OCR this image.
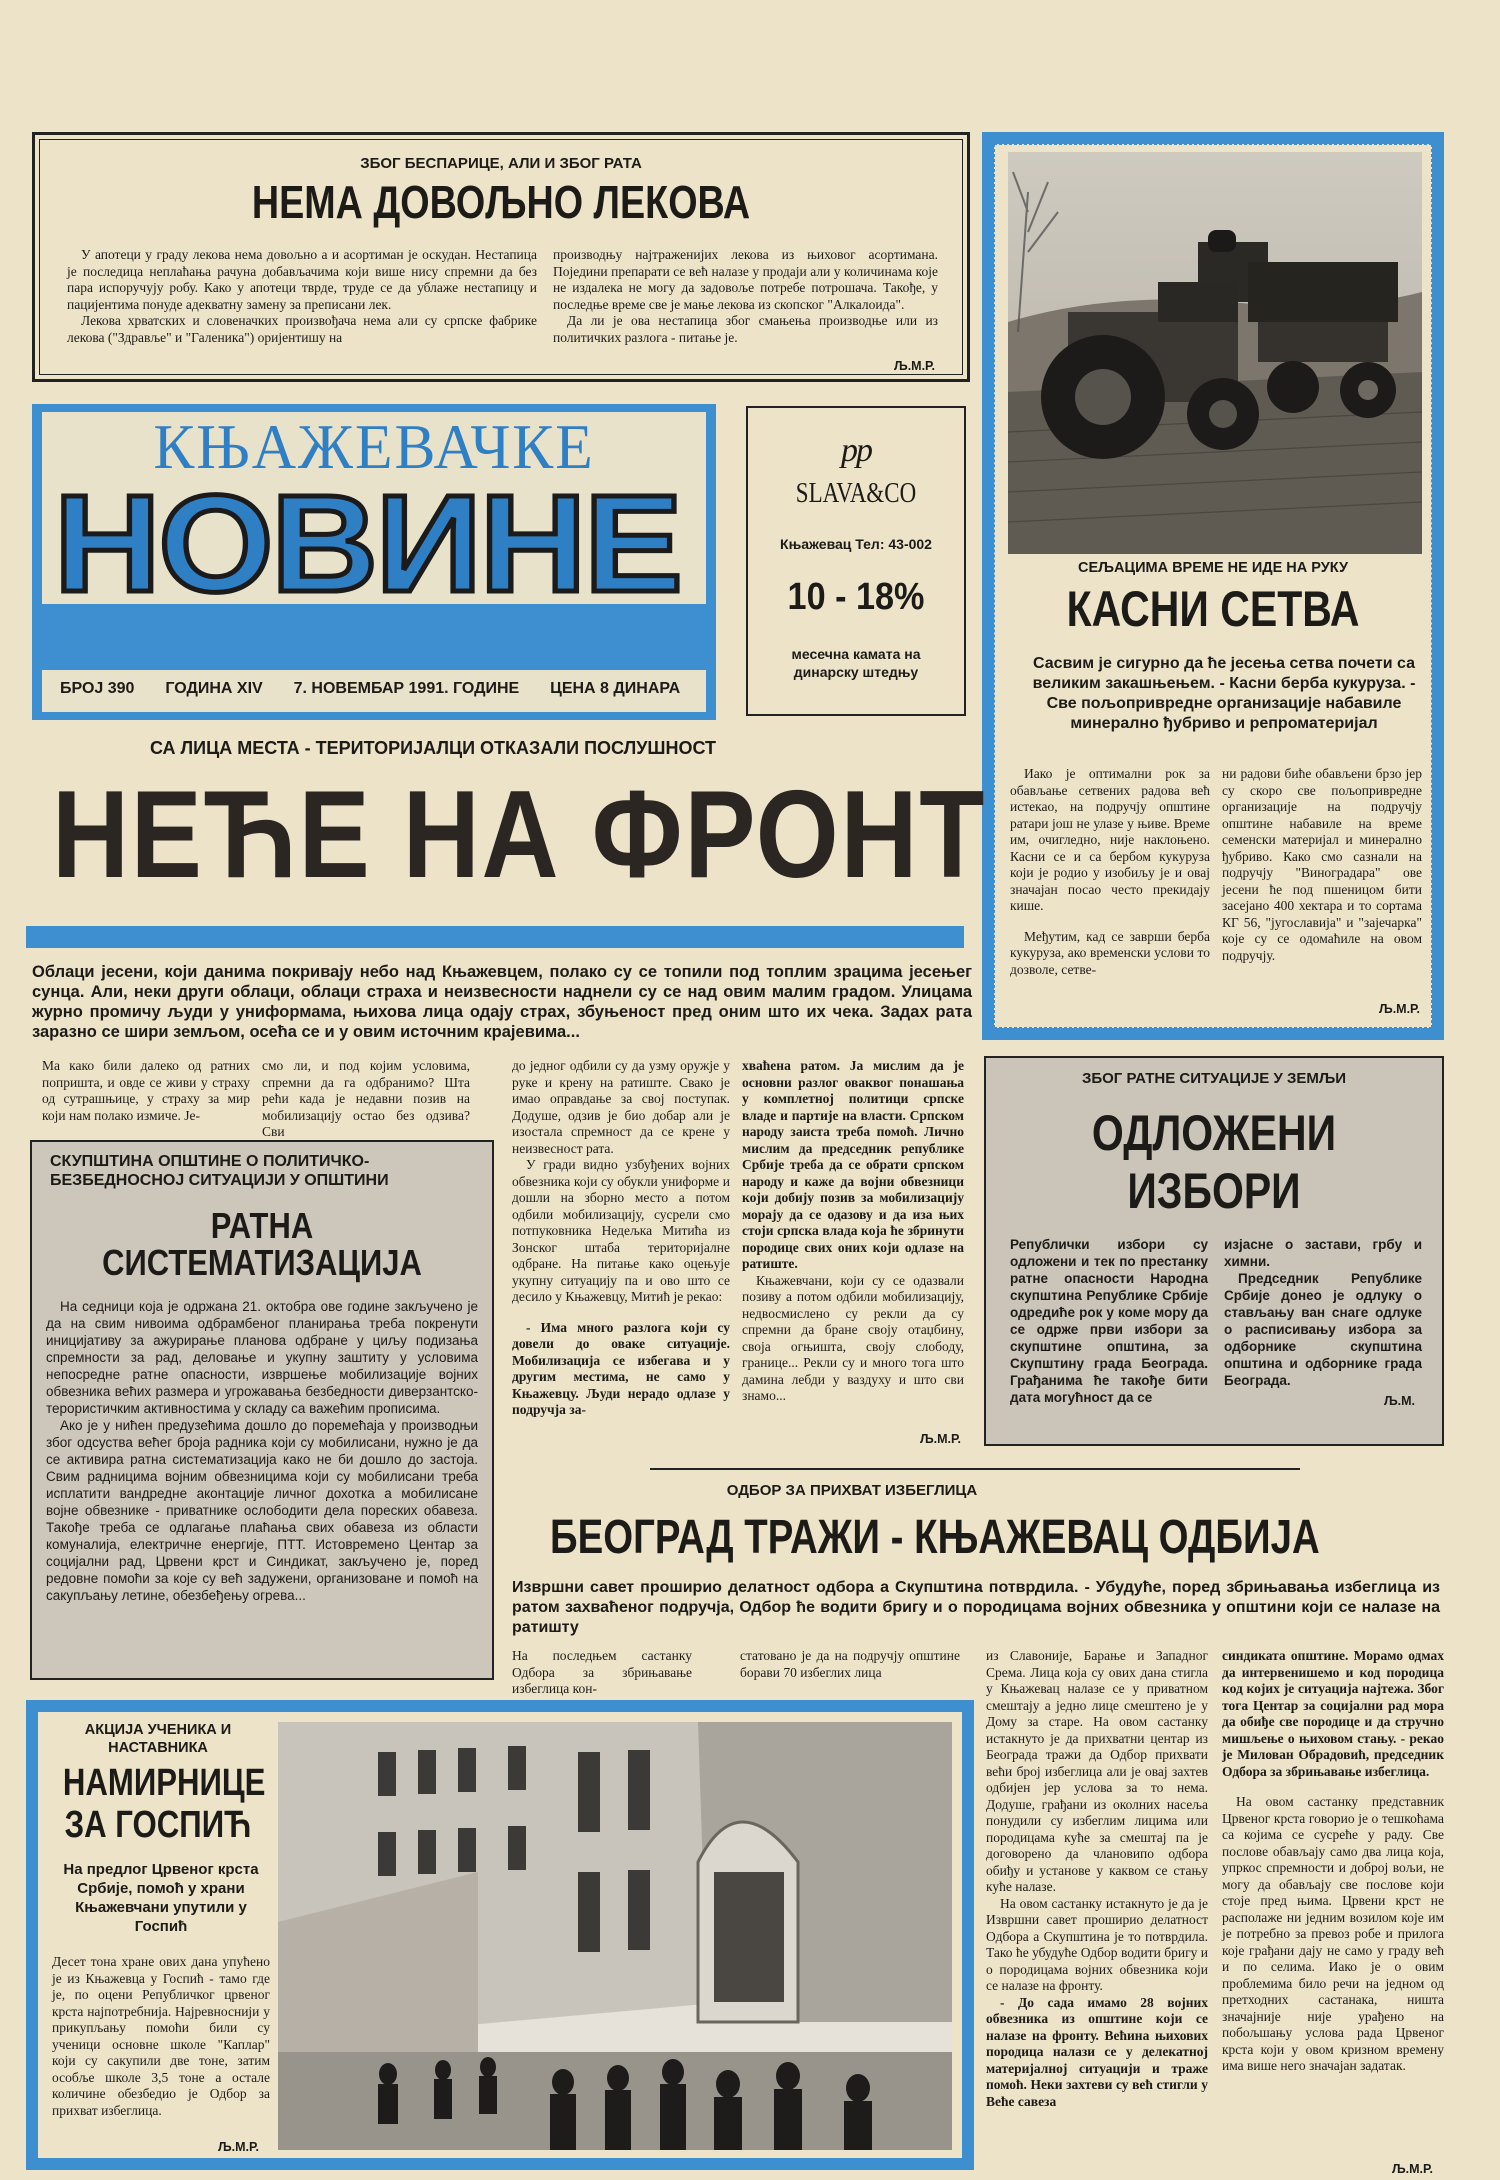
ЗБОГ БЕСПАРИЦЕ, АЛИ И ЗБОГ РАТА
НЕМА ДОВОЉНО ЛЕКОВА

У апотеци у граду лекова нема довољно а и асортиман је оскудан. Нестапица је последица неплаћања рачуна добављачима који више нису спремни да без пара испоручују робу. Како у апотеци тврде, труде се да ублаже нестапицу и пацијентима понуде адекватну замену за преписани лек.

Лекова хрватских и словеначких произвођача нема али су српске фабрике лекова ("Здравље" и "Галеника") оријентишу на

производњу најтраженијих лекова из њиховог асортимана. Поједини препарати се већ налазе у продаји али у количинама које не издалека не могу да задовоље потребе потрошача. Такође, у последње време све је мање лекова из скопског "Алкалоида".

Да ли је ова нестапица због смањења производње или из политичких разлога - питање је.

Љ.М.Р.
КЊАЖЕВАЧКЕ
НОВИНЕ
БРОЈ 390 ГОДИНА XIV 7. НОВЕМБАР 1991. ГОДИНЕ ЦЕНА 8 ДИНАРА
pp
SLAVA&CO
Књажевац Тел: 43-002
10 - 18%
месечна камата на
динарску штедњу
СЕЉАЦИМА ВРЕМЕ НЕ ИДЕ НА РУКУ
КАСНИ СЕТВА
Сасвим је сигурно да ће јесења сетва почети са великим закашњењем. - Касни берба кукуруза. - Све пољопривредне организације набавиле минерално ђубриво и репроматеријал

Иако је оптимални рок за обављање сетвених радова већ истекао, на подручју општине ратари још не улазе у њиве. Време им, очигледно, није наклоњено. Касни се и са бербом кукуруза који је родио у изобиљу је и овај значајан посао често прекидају кише.

Међутим, кад се заврши берба кукуруза, ако временски услови то дозволе, сетве-

ни радови биће обављени брзо јер су скоро све пољопривредне организације на подручју општине набавиле на време семенски материјал и минерално ђубриво. Како смо сазнали на подручју "Виноградара" ове јесени ће под пшеницом бити засејано 400 хектара и то сортама КГ 56, "југославија" и "зајечарка" које су се одомаћиле на овом подручју.

Љ.М.Р.
СА ЛИЦА МЕСТА - ТЕРИТОРИЈАЛЦИ ОТКАЗАЛИ ПОСЛУШНОСТ
НЕЋЕ НА ФРОНТ
Облаци јесени, који данима покривају небо над Књажевцем, полако су се топили под топлим зрацима јесењег сунца. Али, неки други облаци, облаци страха и неизвесности наднели су се над овим малим градом. Улицама журно промичу људи у униформама, њихова лица одају страх, збуњеност пред оним што их чека. Задах рата заразно се шири земљом, осећа се и у овим источним крајевима...
Ма како били далеко од ратних попришта, и овде се живи у страху од сутрашњице, у страху за мир који нам полако измиче. Је-
смо ли, и под којим условима, спремни да га одбранимо? Шта рећи када је недавни позив на мобилизацију остао без одзива? Сви

до једног одбили су да узму оружје у руке и крену на ратиште. Свако је имао оправдање за свој поступак. Додуше, одзив је био добар али је изостала спремност да се крене у неизвесност рата.

У гради видно узбуђених војних обвезника који су обукли униформе и дошли на зборно место а потом одбили мобилизацију, сусрели смо потпуковника Недељка Митића из Зонског штаба територијалне одбране. На питање како оцењује укупну ситуацију па и ово што се десило у Књажевцу, Митић је рекао:

- Има много разлога који су довели до оваке ситуације. Мобилизација се избегава и у другим местима, не само у Књажевцу. Људи нерадо одлазе у подручја за-

хваћена ратом. Ја мислим да је основни разлог оваквог понашања у комплетној политици српске владе и партије на власти. Српском народу заиста треба помоћ. Лично мислим да председник републике Србије треба да се обрати српском народу и каже да војни обвезници који добију позив за мобилизацију морају да се одазову и да иза њих стоји српска влада која ће збринути породице свих оних који одлазе на ратиште.

Књажевчани, који су се одазвали позиву а потом одбили мобилизацију, недвосмислено су рекли да су спремни да бране своју отаџбину, своја огњишта, своју слободу, границе... Рекли су и много тога што дамина лебди у ваздуху и што сви знамо...

Љ.М.Р.
СКУПШТИНА ОПШТИНЕ О ПОЛИТИЧКО-БЕЗБЕДНОСНОЈ СИТУАЦИЈИ У ОПШТИНИ
РАТНА
СИСТЕМАТИЗАЦИЈА

На седници која је одржана 21. октобра ове године закључено је да на свим нивоима одбрамбеног планирања треба покренути иницијативу за ажурирање планова одбране у циљу подизања спремности за рад, деловање и укупну заштиту у условима непосредне ратне опасности, извршење мобилизације војних обвезника већих размера и угрожавања безбедности диверзантско-терористичким активностима у складу са важећим прописима.

Ако је у нићен предузећима дошло до поремећаја у производњи због одсуства већег броја радника који су мобилисани, нужно је да се активира ратна систематизација како не би дошло до застоја. Свим радницима војним обвезницима који су мобилисани треба исплатити вандредне аконтације личног дохотка а мобилисане војне обвезнике - приватнике ослободити дела пореских обавеза. Такође треба се одлагање плаћања свих обавеза из области комуналија, електричне енергије, ПТТ. Истовремено Центар за социјални рад, Црвени крст и Синдикат, закључено је, поред редовне помоћи за које су већ задужени, организоване и помоћ на сакупљању летине, обезбеђењу огрева...

ЗБОГ РАТНЕ СИТУАЦИЈЕ У ЗЕМЉИ
ОДЛОЖЕНИ
ИЗБОРИ
Републички избори су одложени и тек по престанку ратне опасности Народна скупштина Републике Србије одредиће рок у коме мору да се одрже први избори за скупштине општина, за Скупштину града Београда. Грађанима ће такође бити дата могућност да се

изјасне о застави, грбу и химни.

Председник Републике Србије донео је одлуку о стављању ван снаге одлуке о расписивању избора за одборнике скупштина општина и одборнике града Београда.

Љ.М.
ОДБОР ЗА ПРИХВАТ ИЗБЕГЛИЦА
БЕОГРАД ТРАЖИ - КЊАЖЕВАЦ ОДБИЈА
Извршни савет проширио делатност одбора а Скупштина потврдила. - Убудуће, поред збрињавања избеглица из ратом захваћеног подручја, Одбор ће водити бригу и о породицама војних обвезника у општини који се налазе на ратишту
На последњем састанку Одбора за збрињавање избеглица кон-
статовано је да на подручју општине борави 70 избеглих лица

из Славоније, Барање и Западног Срема. Лица која су ових дана стигла у Књажевац налазе се у приватном смештају а једно лице смештено је у Дому за старе. На овом састанку истакнуто је да прихватни центар из Београда тражи да Одбор прихвати већи број избеглица али је овај захтев одбијен јер услова за то нема. Додуше, грађани из околних насеља понудили су избеглим лицима или породицама куће за смештај па је договорено да члановипо одбора обиђу и установе у каквом се стању куће налазе.

На овом састанку истакнуто је да је Извршни савет проширио делатност Одбора а Скупштина је то потврдила. Тако ће убудуће Одбор водити бригу и о породицама војних обвезника који се налазе на фронту.

- До сада имамо 28 војних обвезника из општине који се налазе на фронту. Већина њихових породица налази се у делекатној материјалној ситуацији и траже помоћ. Неки захтеви су већ стигли у Веће савеза

синдиката општине. Морамо одмах да интервенишемо и код породица код којих је ситуација најтежа. Због тога Центар за социјални рад мора да обиђе све породице и да стручно мишљење о њиховом стању. - рекао је Милован Обрадовић, председник Одбора за збрињавање избеглица.

На овом састанку представник Црвеног крста говорио је о тешкоћама са којима се сусреће у раду. Све послове обављају само два лица која, упркос спремности и доброј вољи, не могу да обављају све послове који стоје пред њима. Црвени крст не располаже ни једним возилом које им је потребно за превоз робе и прилога које грађани дају не само у граду већ и по селима. Иако је о овим проблемима било речи на једном од претходних састанака, ништа значајније није урађено на побољшању услова рада Црвеног крста који у овом кризном времену има више него значајан задатак.

Љ.М.Р.
АКЦИЈА УЧЕНИКА И
НАСТАВНИКА
НАМИРНИЦЕ
ЗА ГОСПИЋ
На предлог Црвеног крста Србије, помоћ у храни Књажевчани упутили у Госпић
Десет тона хране ових дана упућено је из Књажевца у Госпић - тамо где је, по оцени Републичког црвеног крста најпотребнија. Најревноснији у прикупљању помоћи били су ученици основне школе "Каплар" који су сакупили две тоне, затим особље школе 3,5 тоне а остале количине обезбедио је Одбор за прихват избеглица.
Љ.М.Р.
